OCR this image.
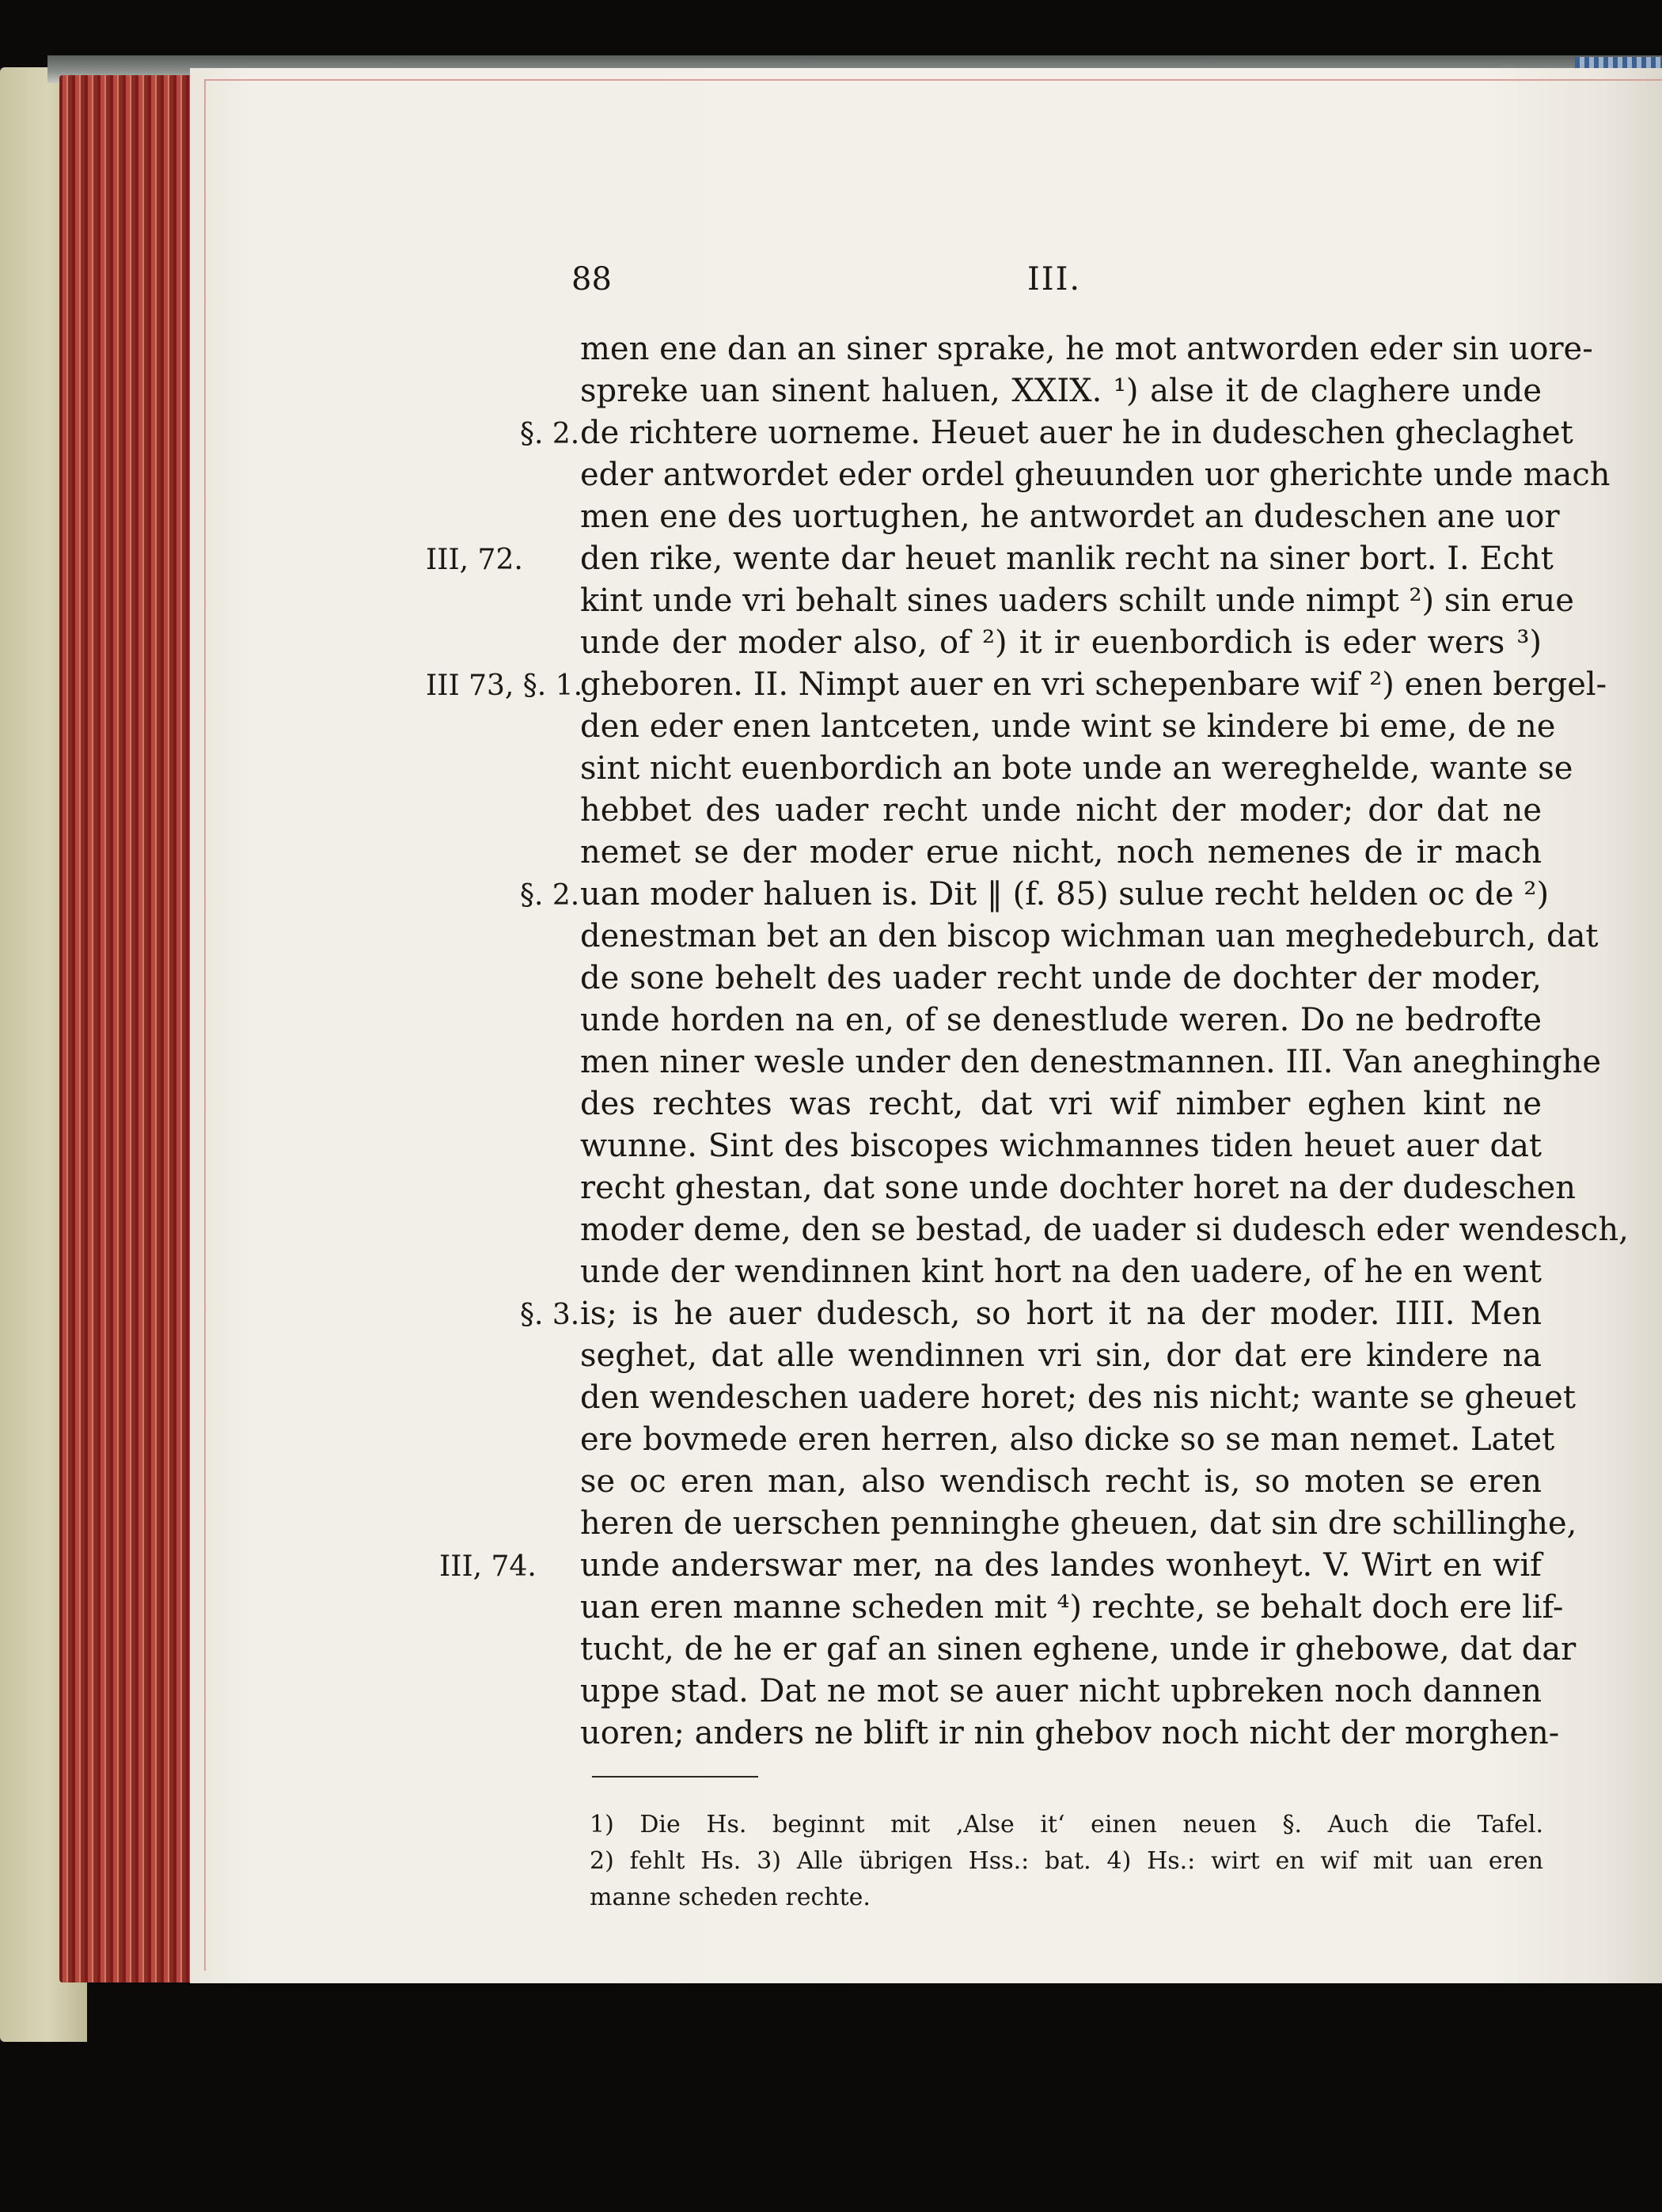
88	III.
men ene dan an siner sprake, he mot antworden eder sin uore-
spreke uan sinent haluen, XXIX. ¹) alse it de claghere unde
de richtere uorneme. Heuet auer he in dudeschen gheclaghet
eder antwordet eder ordel gheuunden uor gherichte unde mach
men ene des uortughen, he antwordet an dudeschen ane uor
den rike, wente dar heuet manlik recht na siner bort. I. Echt
kint unde vri behalt sines uaders schilt unde nimpt ²) sin erue
unde der moder also, of ²) it ir euenbordich is eder wers ³)
gheboren. II. Nimpt auer en vri schepenbare wif ²) enen bergel-
den eder enen lantceten, unde wint se kindere bi eme, de ne
sint nicht euenbordich an bote unde an wereghelde, wante se
hebbet des uader recht unde nicht der moder; dor dat ne
nemet se der moder erue nicht, noch nemenes de ir mach
uan moder haluen is. Dit ‖ (f. 85) sulue recht helden oc de ²)
denestman bet an den biscop wichman uan meghedeburch, dat
de sone behelt des uader recht unde de dochter der moder,
unde horden na en, of se denestlude weren. Do ne bedrofte
men niner wesle under den denestmannen. III. Van aneghinghe
des rechtes was recht, dat vri wif nimber eghen kint ne
wunne. Sint des biscopes wichmannes tiden heuet auer dat
recht ghestan, dat sone unde dochter horet na der dudeschen
moder deme, den se bestad, de uader si dudesch eder wendesch,
unde der wendinnen kint hort na den uadere, of he en went
is; is he auer dudesch, so hort it na der moder. IIII. Men
seghet, dat alle wendinnen vri sin, dor dat ere kindere na
den wendeschen uadere horet; des nis nicht; wante se gheuet
ere bovmede eren herren, also dicke so se man nemet. Latet
se oc eren man, also wendisch recht is, so moten se eren
heren de uerschen penninghe gheuen, dat sin dre schillinghe,
unde anderswar mer, na des landes wonheyt. V. Wirt en wif
uan eren manne scheden mit ⁴) rechte, se behalt doch ere lif-
tucht, de he er gaf an sinen eghene, unde ir ghebowe, dat dar
uppe stad. Dat ne mot se auer nicht upbreken noch dannen
uoren; anders ne blift ir nin ghebov noch nicht der morghen-
§. 2.
III, 72.
III 73, §. 1.
§. 2.
§. 3.
III, 74.
1) Die Hs. beginnt mit ‚Alse it‘ einen neuen §. Auch die Tafel.
2) fehlt Hs. 3) Alle übrigen Hss.: bat. 4) Hs.: wirt en wif mit uan eren
manne scheden rechte.
